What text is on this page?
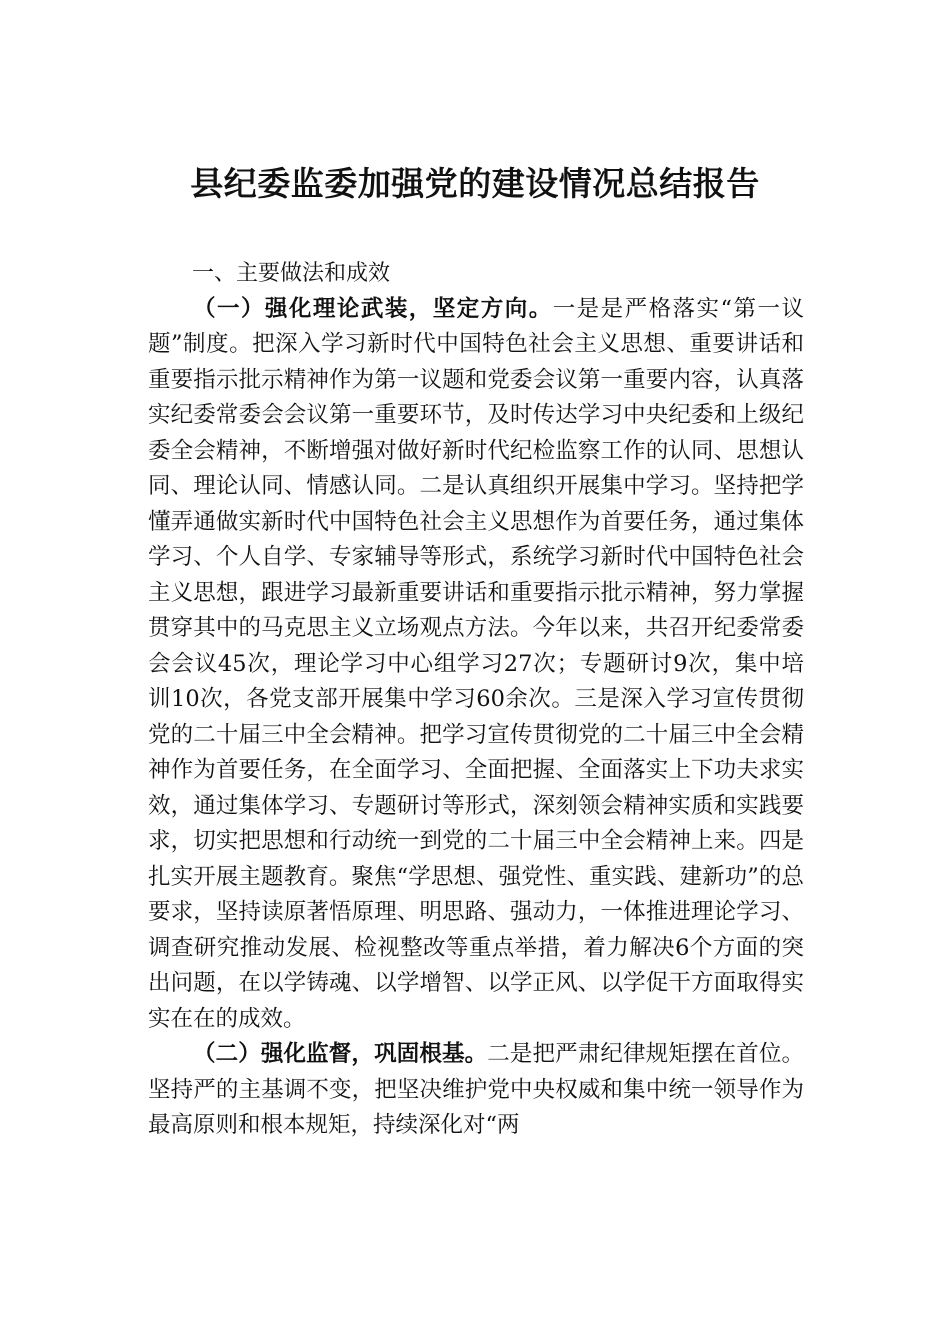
县纪委监委加强党的建设情况总结报告
一、主要做法和成效

（一）强化理论武装，坚定方向。一是是严格落实“第一议题”制度。把深入学习新时代中国特色社会主义思想、重要讲话和重要指示批示精神作为第一议题和党委会议第一重要内容，认真落实纪委常委会会议第一重要环节，及时传达学习中央纪委和上级纪委全会精神，不断增强对做好新时代纪检监察工作的认同、思想认同、理论认同、情感认同。二是认真组织开展集中学习。坚持把学懂弄通做实新时代中国特色社会主义思想作为首要任务，通过集体学习、个人自学、专家辅导等形式，系统学习新时代中国特色社会主义思想，跟进学习最新重要讲话和重要指示批示精神，努力掌握贯穿其中的马克思主义立场观点方法。今年以来，共召开纪委常委会会议45次，理论学习中心组学习27次；专题研讨9次，集中培训10次，各党支部开展集中学习60余次。三是深入学习宣传贯彻党的二十届三中全会精神。把学习宣传贯彻党的二十届三中全会精神作为首要任务，在全面学习、全面把握、全面落实上下功夫求实效，通过集体学习、专题研讨等形式，深刻领会精神实质和实践要求，切实把思想和行动统一到党的二十届三中全会精神上来。四是扎实开展主题教育。聚焦“学思想、强党性、重实践、建新功”的总要求，坚持读原著悟原理、明思路、强动力，一体推进理论学习、调查研究推动发展、检视整改等重点举措，着力解决6个方面的突出问题，在以学铸魂、以学增智、以学正风、以学促干方面取得实实在在的成效。

（二）强化监督，巩固根基。二是把严肃纪律规矩摆在首位。坚持严的主基调不变，把坚决维护党中央权威和集中统一领导作为最高原则和根本规矩，持续深化对“两
